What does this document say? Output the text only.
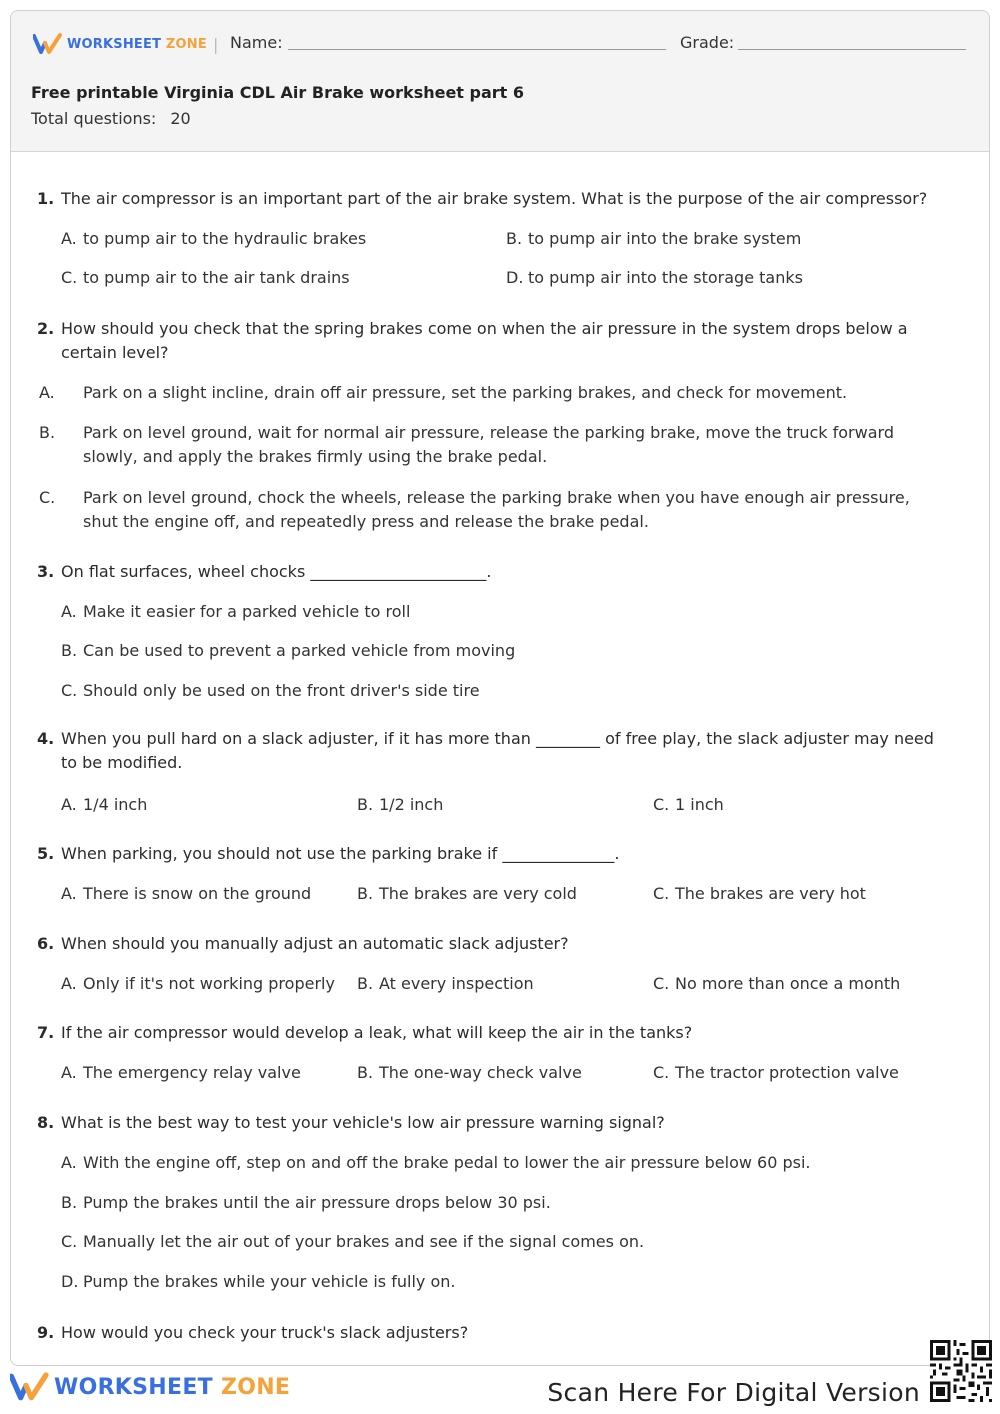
WORKSHEET ZONE | Name:	Grade:
Free printable Virginia CDL Air Brake worksheet part 6
Total questions: 20
1. The air compressor is an important part of the air brake system. What is the purpose of the air compressor?
A. to pump air to the hydraulic brakes	B. to pump air into the brake system
C. to pump air to the air tank drains	D. to pump air into the storage tanks
2. How should you check that the spring brakes come on when the air pressure in the system drops below a certain level?
A. Park on a slight incline, drain off air pressure, set the parking brakes, and check for movement.
B. Park on level ground, wait for normal air pressure, release the parking brake, move the truck forward slowly, and apply the brakes firmly using the brake pedal.
C. Park on level ground, chock the wheels, release the parking brake when you have enough air pressure, shut the engine off, and repeatedly press and release the brake pedal.
3. On flat surfaces, wheel chocks ______________________.
A. Make it easier for a parked vehicle to roll
B. Can be used to prevent a parked vehicle from moving
C. Should only be used on the front driver's side tire
4. When you pull hard on a slack adjuster, if it has more than ________ of free play, the slack adjuster may need to be modified.
A. 1/4 inch	B. 1/2 inch	C. 1 inch
5. When parking, you should not use the parking brake if ______________.
A. There is snow on the ground	B. The brakes are very cold	C. The brakes are very hot
6. When should you manually adjust an automatic slack adjuster?
A. Only if it's not working properly B. At every inspection	C. No more than once a month
7. If the air compressor would develop a leak, what will keep the air in the tanks?
A. The emergency relay valve	B. The one-way check valve	C. The tractor protection valve
8. What is the best way to test your vehicle's low air pressure warning signal?
A. With the engine off, step on and off the brake pedal to lower the air pressure below 60 psi.
B. Pump the brakes until the air pressure drops below 30 psi.
C. Manually let the air out of your brakes and see if the signal comes on.
D. Pump the brakes while your vehicle is fully on.
9. How would you check your truck's slack adjusters?
WORKSHEET ZONE	Scan Here For Digital Version
